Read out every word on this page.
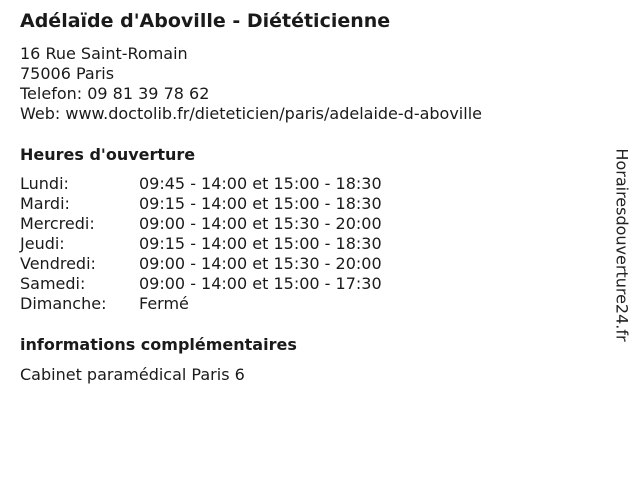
Adélaïde d'Aboville - Diététicienne
16 Rue Saint-Romain
75006 Paris
Telefon: 09 81 39 78 62
Web: www.doctolib.fr/dieteticien/paris/adelaide-d-aboville
Heures d'ouverture
Lundi:	09:45 - 14:00 et 15:00 - 18:30
Mardi:	09:15 - 14:00 et 15:00 - 18:30
Mercredi:	09:00 - 14:00 et 15:30 - 20:00
Jeudi:	09:15 - 14:00 et 15:00 - 18:30
Vendredi:	09:00 - 14:00 et 15:30 - 20:00
Samedi:	09:00 - 14:00 et 15:00 - 17:30
Dimanche: Fermé
informations complémentaires
Cabinet paramédical Paris 6
Horairesdouverture24.fr
